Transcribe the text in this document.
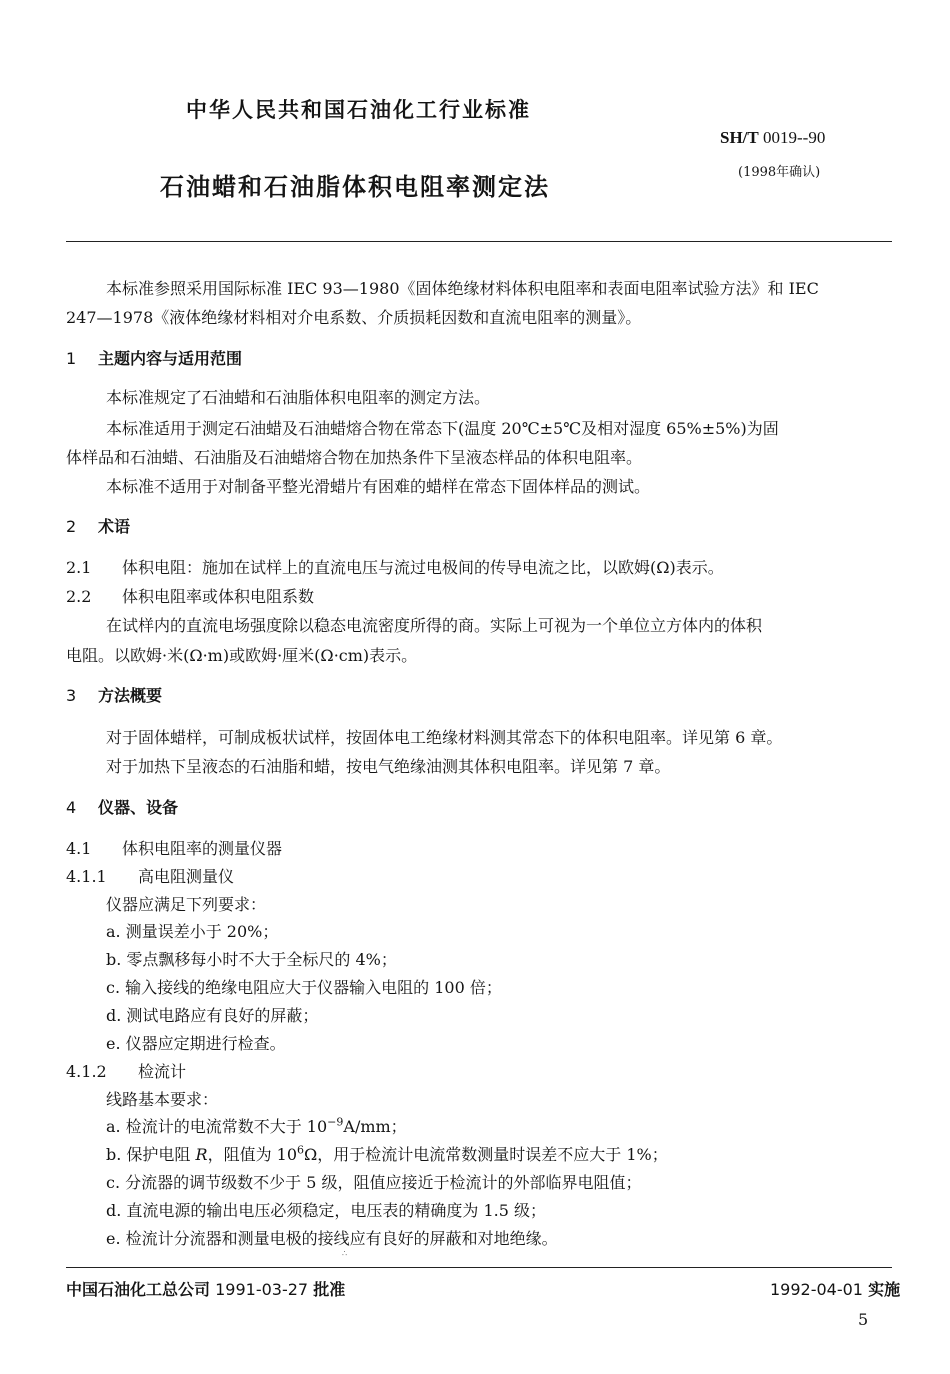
中华人民共和国石油化工行业标准
SH/T 0019--90
(1998年确认)
石油蜡和石油脂体积电阻率测定法
本标准参照采用国际标准 IEC 93—1980《固体绝缘材料体积电阻率和表面电阻率试验方法》和 IEC
247—1978《液体绝缘材料相对介电系数、介质损耗因数和直流电阻率的测量》。
1 主题内容与适用范围
本标准规定了石油蜡和石油脂体积电阻率的测定方法。
本标准适用于测定石油蜡及石油蜡熔合物在常态下(温度 20℃±5℃及相对湿度 65%±5%)为固
体样品和石油蜡、石油脂及石油蜡熔合物在加热条件下呈液态样品的体积电阻率。
本标准不适用于对制备平整光滑蜡片有困难的蜡样在常态下固体样品的测试。
2 术语
2.1 体积电阻：施加在试样上的直流电压与流过电极间的传导电流之比，以欧姆(Ω)表示。
2.2 体积电阻率或体积电阻系数
在试样内的直流电场强度除以稳态电流密度所得的商。实际上可视为一个单位立方体内的体积
电阻。以欧姆·米(Ω·m)或欧姆·厘米(Ω·cm)表示。
3 方法概要
对于固体蜡样，可制成板状试样，按固体电工绝缘材料测其常态下的体积电阻率。详见第 6 章。
对于加热下呈液态的石油脂和蜡，按电气绝缘油测其体积电阻率。详见第 7 章。
4 仪器、设备
4.1 体积电阻率的测量仪器
4.1.1 高电阻测量仪
仪器应满足下列要求：
a. 测量误差小于 20%；
b. 零点飘移每小时不大于全标尺的 4%；
c. 输入接线的绝缘电阻应大于仪器输入电阻的 100 倍；
d. 测试电路应有良好的屏蔽；
e. 仪器应定期进行检查。
4.1.2 检流计
线路基本要求：
a. 检流计的电流常数不大于 $10^{-9}A/mm$；
b. 保护电阻 R，阻值为 $10^6\Omega$，用于检流计电流常数测量时误差不应大于 1%；
c. 分流器的调节级数不少于 5 级，阻值应接近于检流计的外部临界电阻值；
d. 直流电源的输出电压必须稳定，电压表的精确度为 1.5 级；
e. 检流计分流器和测量电极的接线应有良好的屏蔽和对地绝缘。
∴
中国石油化工总公司 1991-03-27 批准	1992-04-01 实施
5
